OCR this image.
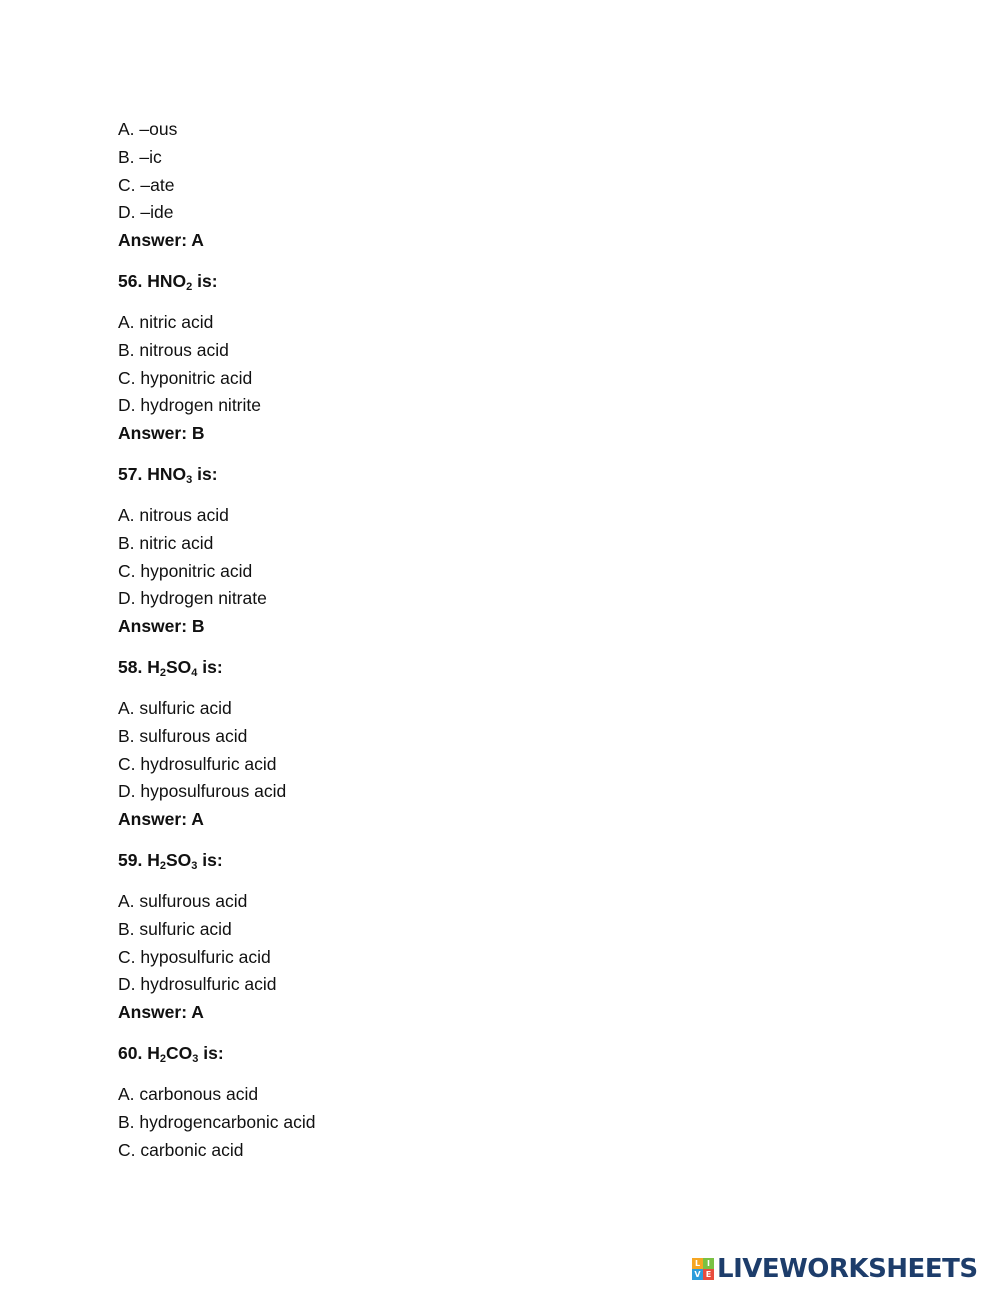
A. –ous
B. –ic
C. –ate
D. –ide
Answer: A
56. $HNO_2$ is:
A. nitric acid
B. nitrous acid
C. hyponitric acid
D. hydrogen nitrite
Answer: B
57. $HNO_3$ is:
A. nitrous acid
B. nitric acid
C. hyponitric acid
D. hydrogen nitrate
Answer: B
58. $H_2SO_4$ is:
A. sulfuric acid
B. sulfurous acid
C. hydrosulfuric acid
D. hyposulfurous acid
Answer: A
59. $H_2SO_3$ is:
A. sulfurous acid
B. sulfuric acid
C. hyposulfuric acid
D. hydrosulfuric acid
Answer: A
60. $H_2CO_3$ is:
A. carbonous acid
B. hydrogencarbonic acid
C. carbonic acid
L I
V E LIVEWORKSHEETS
